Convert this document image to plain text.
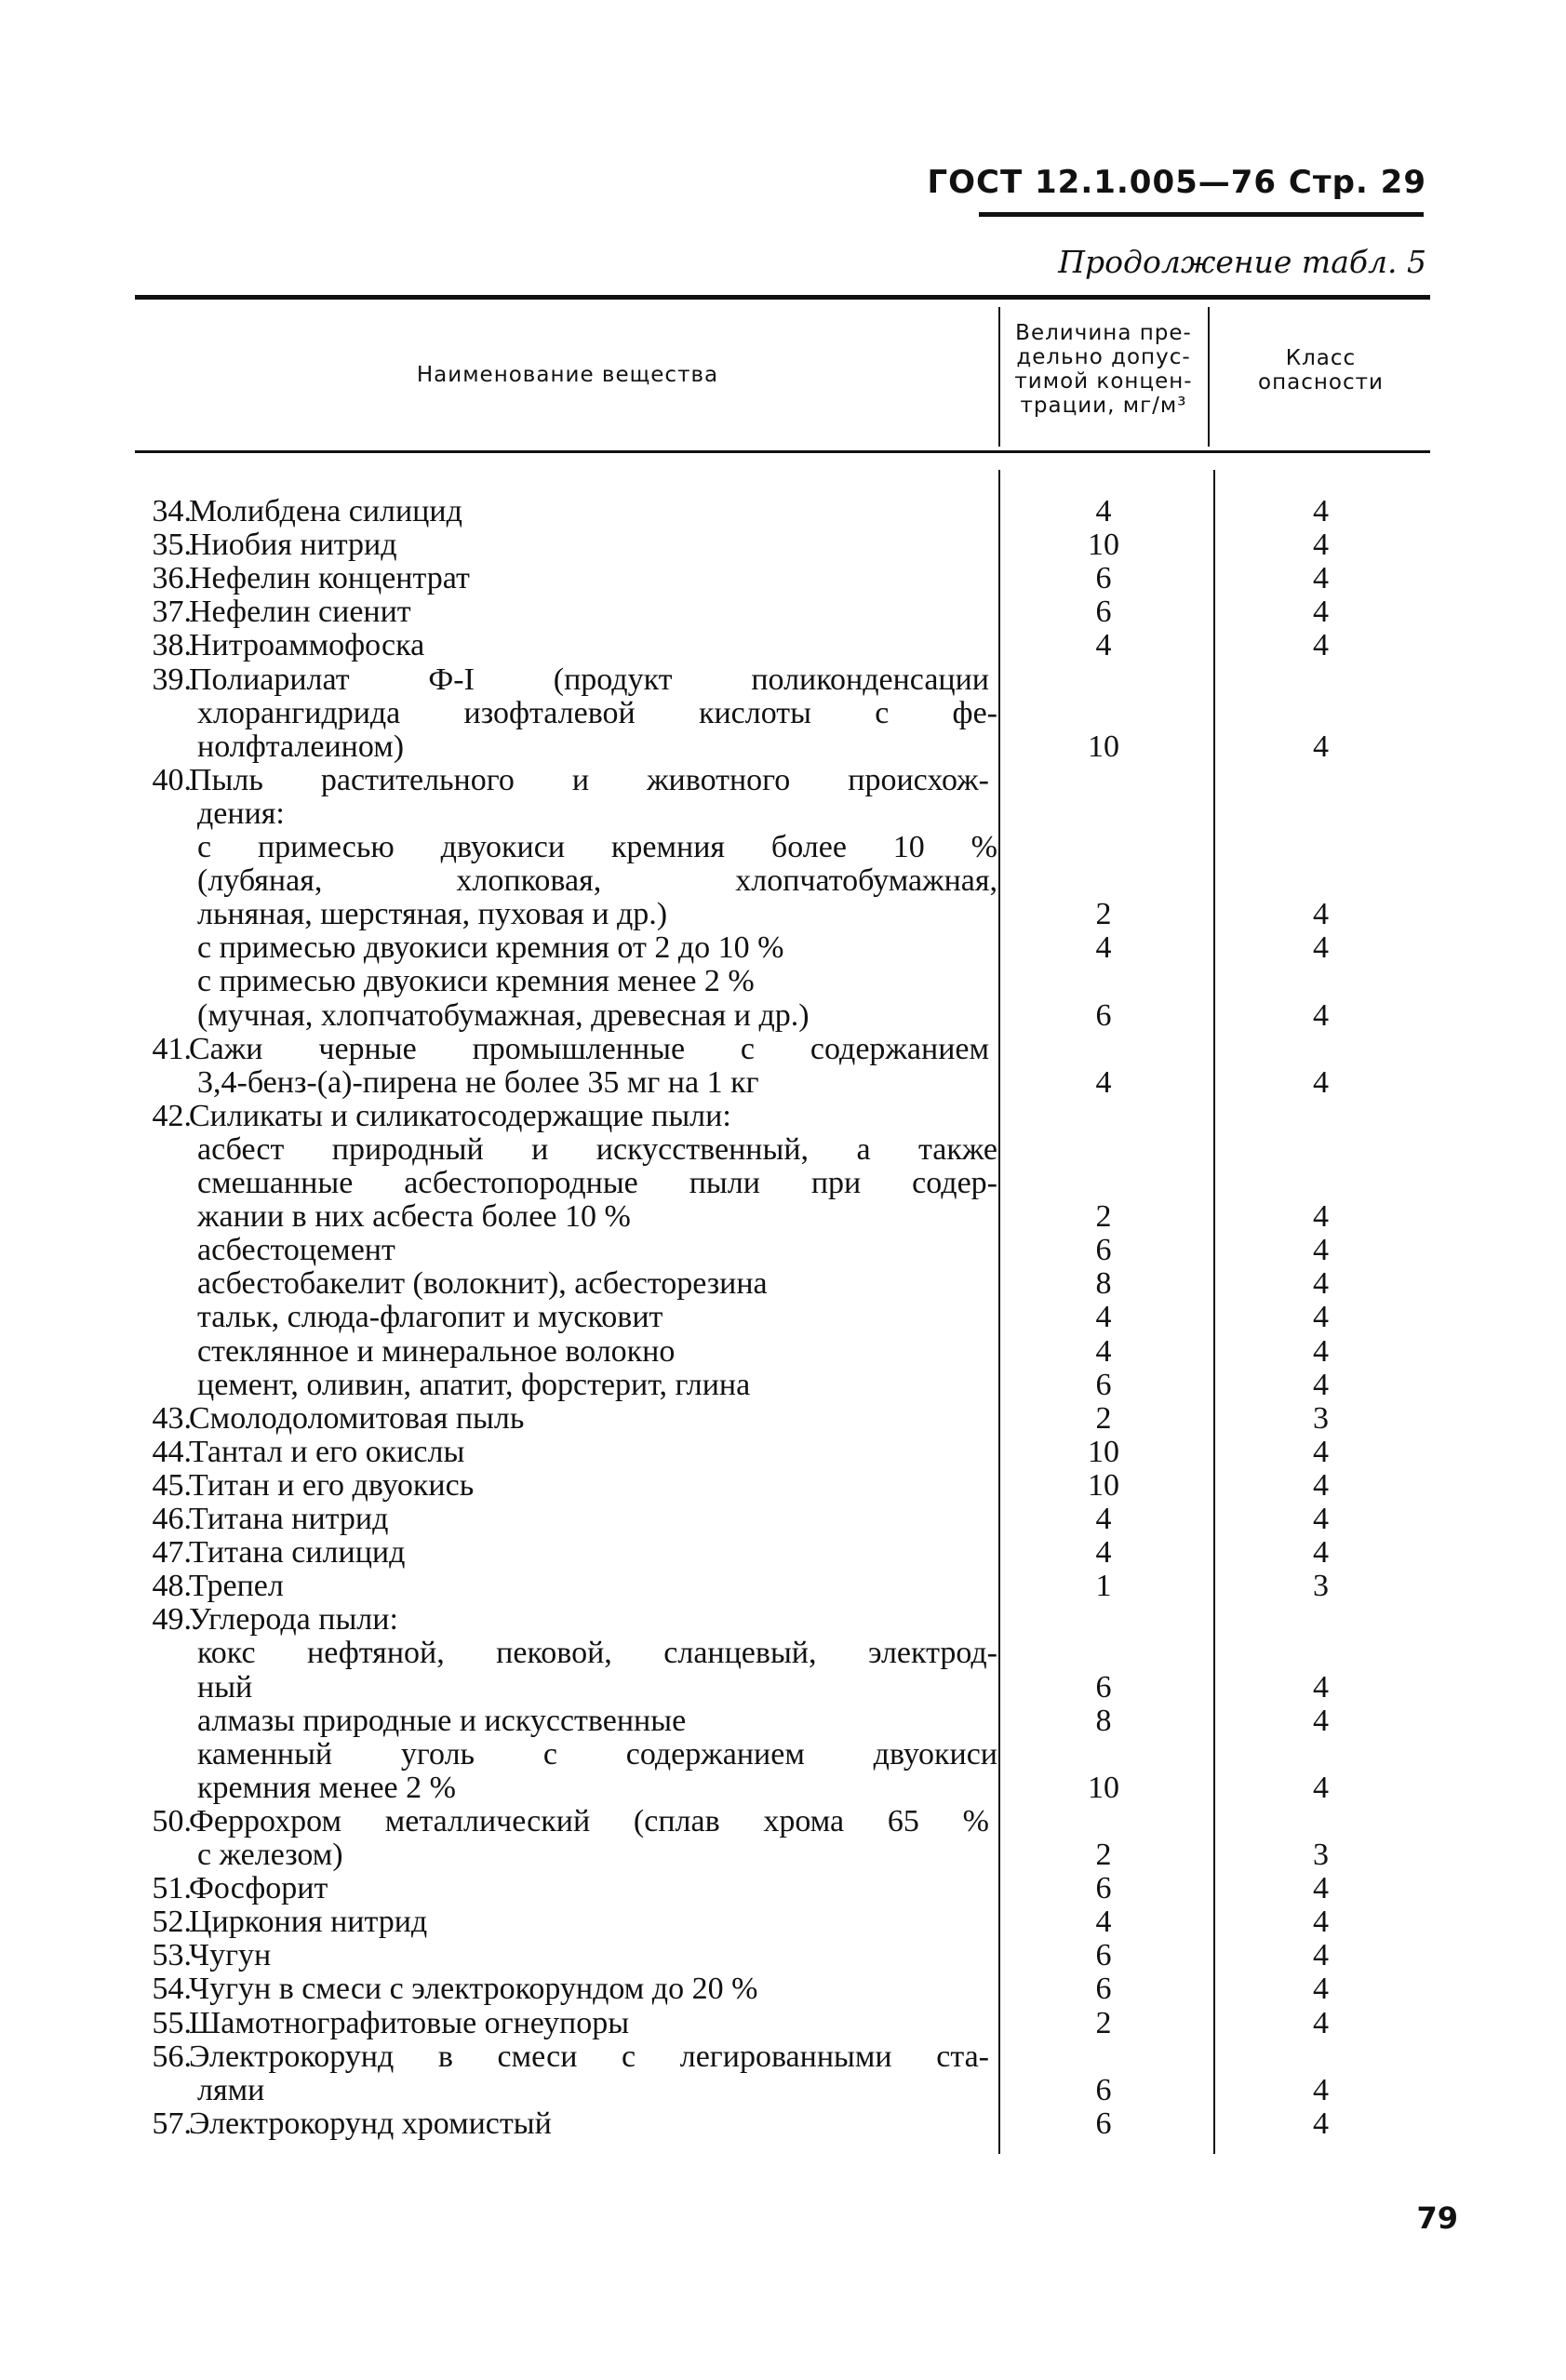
ГОСТ 12.1.005—76 Стр. 29
Продолжение табл. 5
Наименование вещества
Величина пре-
дельно допус-
тимой концен-
трации, мг/м³
Класс
опасности
34.
Молибдена силицид	4	4
35.
Ниобия нитрид	10	4
36.
Нефелин концентрат	6	4
37.
Нефелин сиенит	6	4
38.
Нитроаммофоска	4	4
39.
Полиарилат Ф-I (продукт поликонденсации
хлорангидрида изофталевой кислоты с фе-
нолфталеином)	10	4
40.
Пыль растительного и животного происхож-
дения:
с примесью двуокиси кремния более 10 %
(лубяная, хлопковая, хлопчатобумажная,
льняная, шерстяная, пуховая и др.)	2	4
с примесью двуокиси кремния от 2 до 10 %	4	4
с примесью двуокиси кремния менее 2 %
(мучная, хлопчатобумажная, древесная и др.)	6	4
41.
Сажи черные промышленные с содержанием
3,4-бенз-(а)-пирена не более 35 мг на 1 кг	4	4
42.
Силикаты и силикатосодержащие пыли:
асбест природный и искусственный, а также
смешанные асбестопородные пыли при содер-
жании в них асбеста более 10 %	2	4
асбестоцемент	6	4
асбестобакелит (волокнит), асбесторезина	8	4
тальк, слюда-флагопит и мусковит	4	4
стеклянное и минеральное волокно	4	4
цемент, оливин, апатит, форстерит, глина	6	4
43.
Смолодоломитовая пыль	2	3
44.
Тантал и его окислы	10	4
45.
Титан и его двуокись	10	4
46.
Титана нитрид	4	4
47.
Титана силицид	4	4
48.
Трепел	1	3
49.
Углерода пыли:
кокс нефтяной, пековой, сланцевый, электрод-
ный	6	4
алмазы природные и искусственные	8	4
каменный уголь с содержанием двуокиси
кремния менее 2 %	10	4
50.
Феррохром металлический (сплав хрома 65 %
с железом)	2	3
51.
Фосфорит	6	4
52.
Циркония нитрид	4	4
53.
Чугун	6	4
54.
Чугун в смеси с электрокорундом до 20 %	6	4
55.
Шамотнографитовые огнеупоры	2	4
56.
Электрокорунд в смеси с легированными ста-
лями	6	4
57.
Электрокорунд хромистый	6	4
79
